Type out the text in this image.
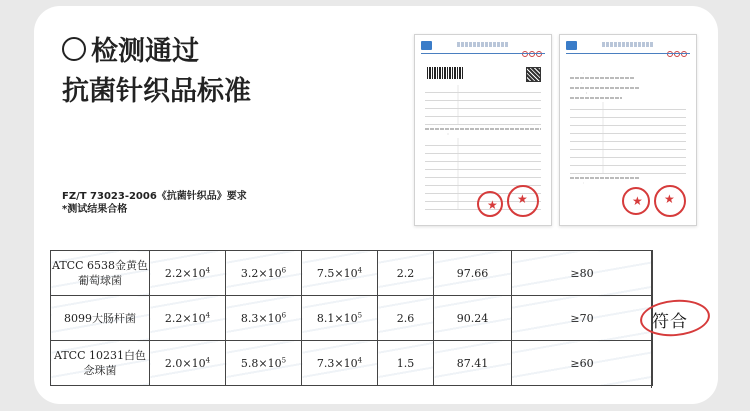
检测通过
抗菌针织品标准
FZ/T 73023-2006《抗菌针织品》要求
*测试结果合格
★
★
★
★
ATCC 6538金黄色
葡萄球菌	$2.2\times 10^4$	$3.2\times 10^6$	$7.5\times 10^4$	2.2	97.66	≥80	

8099大肠杆菌	$2.2\times 10^4$	$8.3\times 10^6$	$8.1\times 10^5$	2.6	90.24	≥70	

ATCC 10231白色
念珠菌	$2.0\times 10^4$	$5.8\times 10^5$	$7.3\times 10^4$	1.5	87.41	≥60	
符合
